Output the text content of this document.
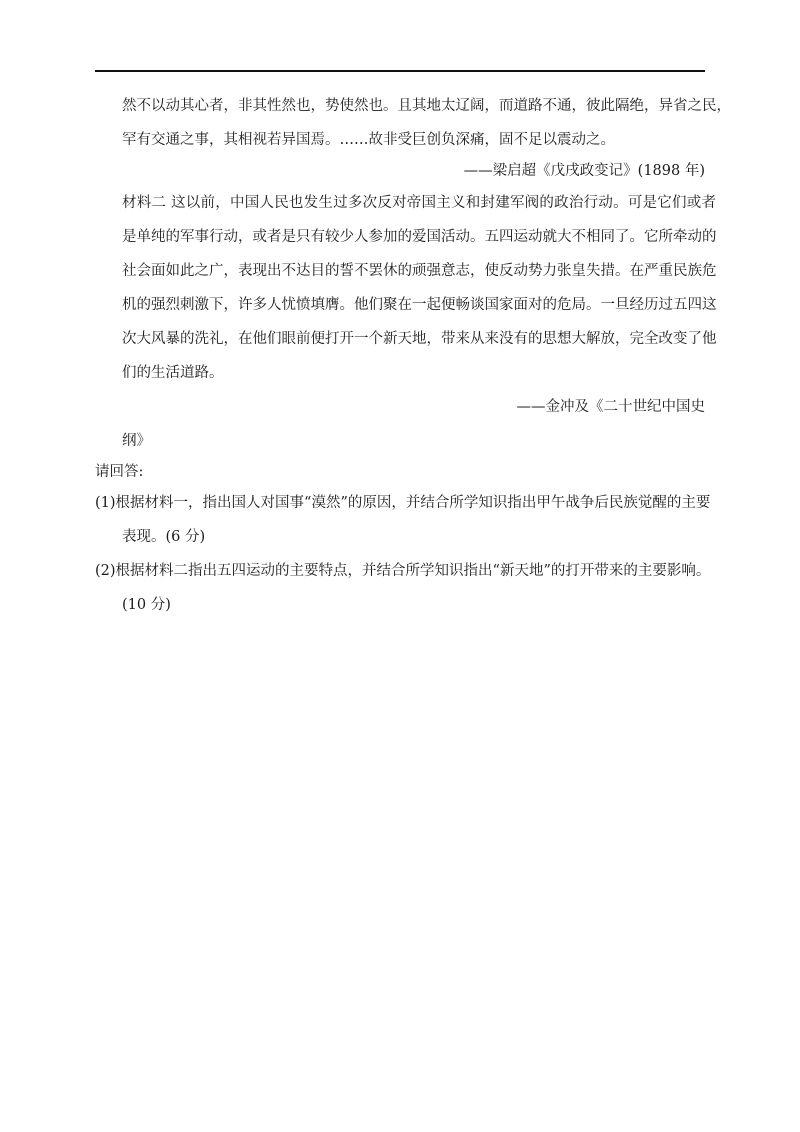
然不以动其心者，非其性然也，势使然也。且其地太辽阔，而道路不通，彼此隔绝，异省之民，
罕有交通之事，其相视若异国焉。……故非受巨创负深痛，固不足以震动之。
——梁启超《戊戌政变记》(1898 年)
材料二 这以前，中国人民也发生过多次反对帝国主义和封建军阀的政治行动。可是它们或者
是单纯的军事行动，或者是只有较少人参加的爱国活动。五四运动就大不相同了。它所牵动的
社会面如此之广，表现出不达目的誓不罢休的顽强意志，使反动势力张皇失措。在严重民族危
机的强烈刺激下，许多人忧愤填膺。他们聚在一起便畅谈国家面对的危局。一旦经历过五四这
次大风暴的洗礼，在他们眼前便打开一个新天地，带来从来没有的思想大解放，完全改变了他
们的生活道路。
——金冲及《二十世纪中国史
纲》
请回答:
(1)根据材料一，指出国人对国事“漠然”的原因，并结合所学知识指出甲午战争后民族觉醒的主要
表现。(6 分)
(2)根据材料二指出五四运动的主要特点，并结合所学知识指出“新天地”的打开带来的主要影响。
(10 分)
